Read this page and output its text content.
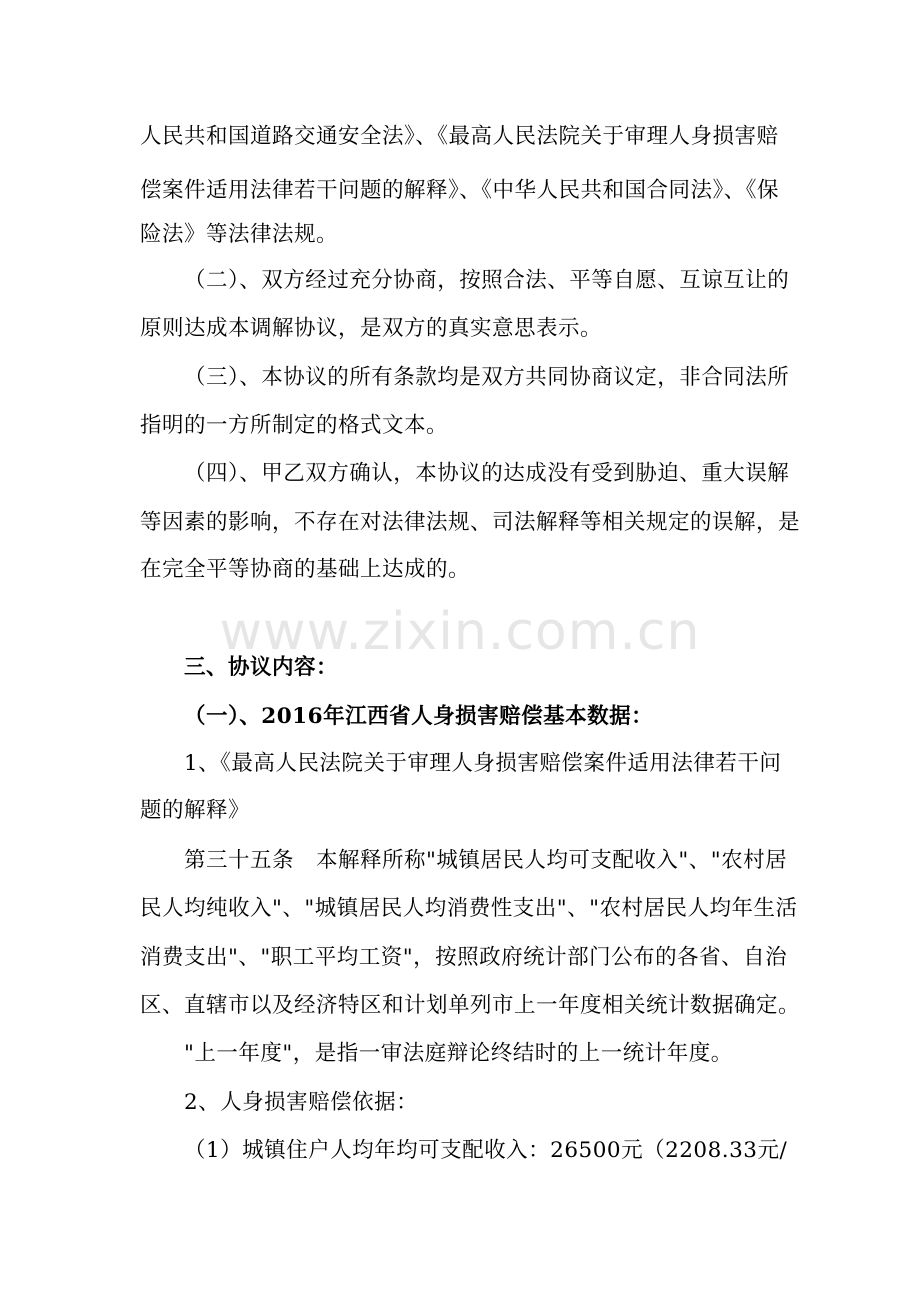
www.zixin.com.cn
人民共和国道路交通安全法》、《最高人民法院关于审理人身损害赔
偿案件适用法律若干问题的解释》、《中华人民共和国合同法》、《保
险法》等法律法规。
（二）、双方经过充分协商，按照合法、平等自愿、互谅互让的
原则达成本调解协议，是双方的真实意思表示。
（三）、本协议的所有条款均是双方共同协商议定，非合同法所
指明的一方所制定的格式文本。
（四）、甲乙双方确认，本协议的达成没有受到胁迫、重大误解
等因素的影响，不存在对法律法规、司法解释等相关规定的误解，是
在完全平等协商的基础上达成的。
三、协议内容：
（一）、2016年江西省人身损害赔偿基本数据：
1、《最高人民法院关于审理人身损害赔偿案件适用法律若干问
题的解释》
第三十五条　本解释所称"城镇居民人均可支配收入"、"农村居
民人均纯收入"、"城镇居民人均消费性支出"、"农村居民人均年生活
消费支出"、"职工平均工资"，按照政府统计部门公布的各省、自治
区、直辖市以及经济特区和计划单列市上一年度相关统计数据确定。
"上一年度"，是指一审法庭辩论终结时的上一统计年度。
2、人身损害赔偿依据：
（1）城镇住户人均年均可支配收入：26500元（2208.33元/
